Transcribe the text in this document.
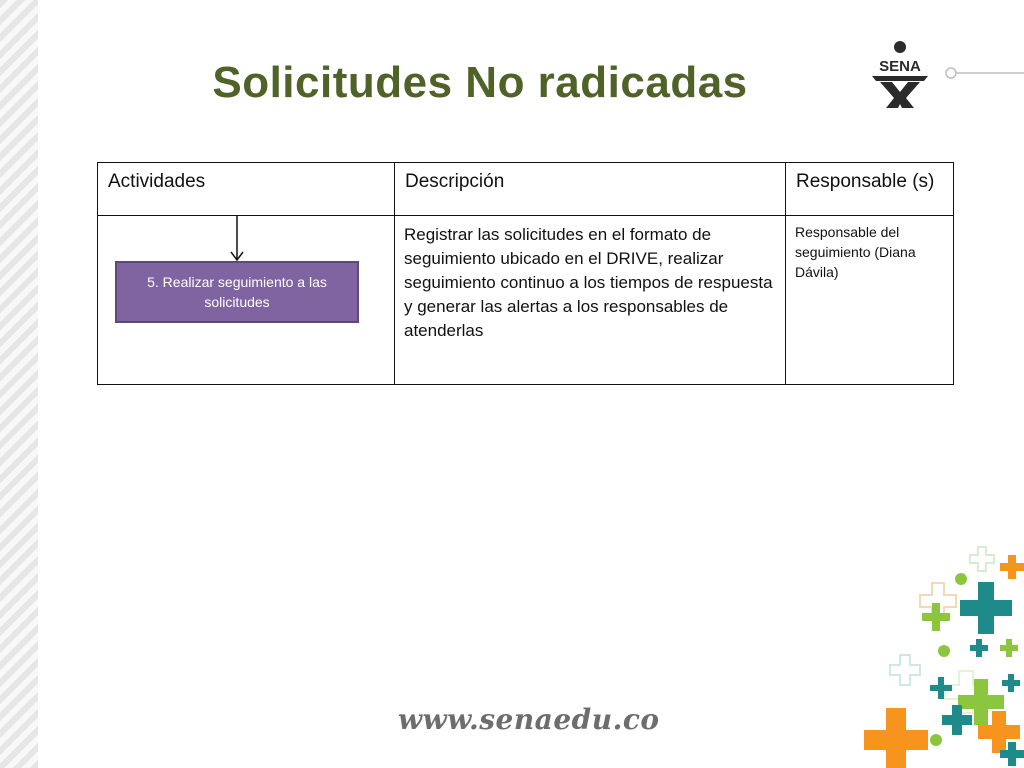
Solicitudes No radicadas	SENA
Actividades	Descripción	Responsable (s)

5. Realizar seguimiento a las solicitudes	Registrar las solicitudes en el formato de seguimiento ubicado en el DRIVE, realizar seguimiento continuo a los tiempos de respuesta y generar las alertas a los responsables de atenderlas	Responsable del seguimiento (Diana Dávila)
www.senaedu.co
